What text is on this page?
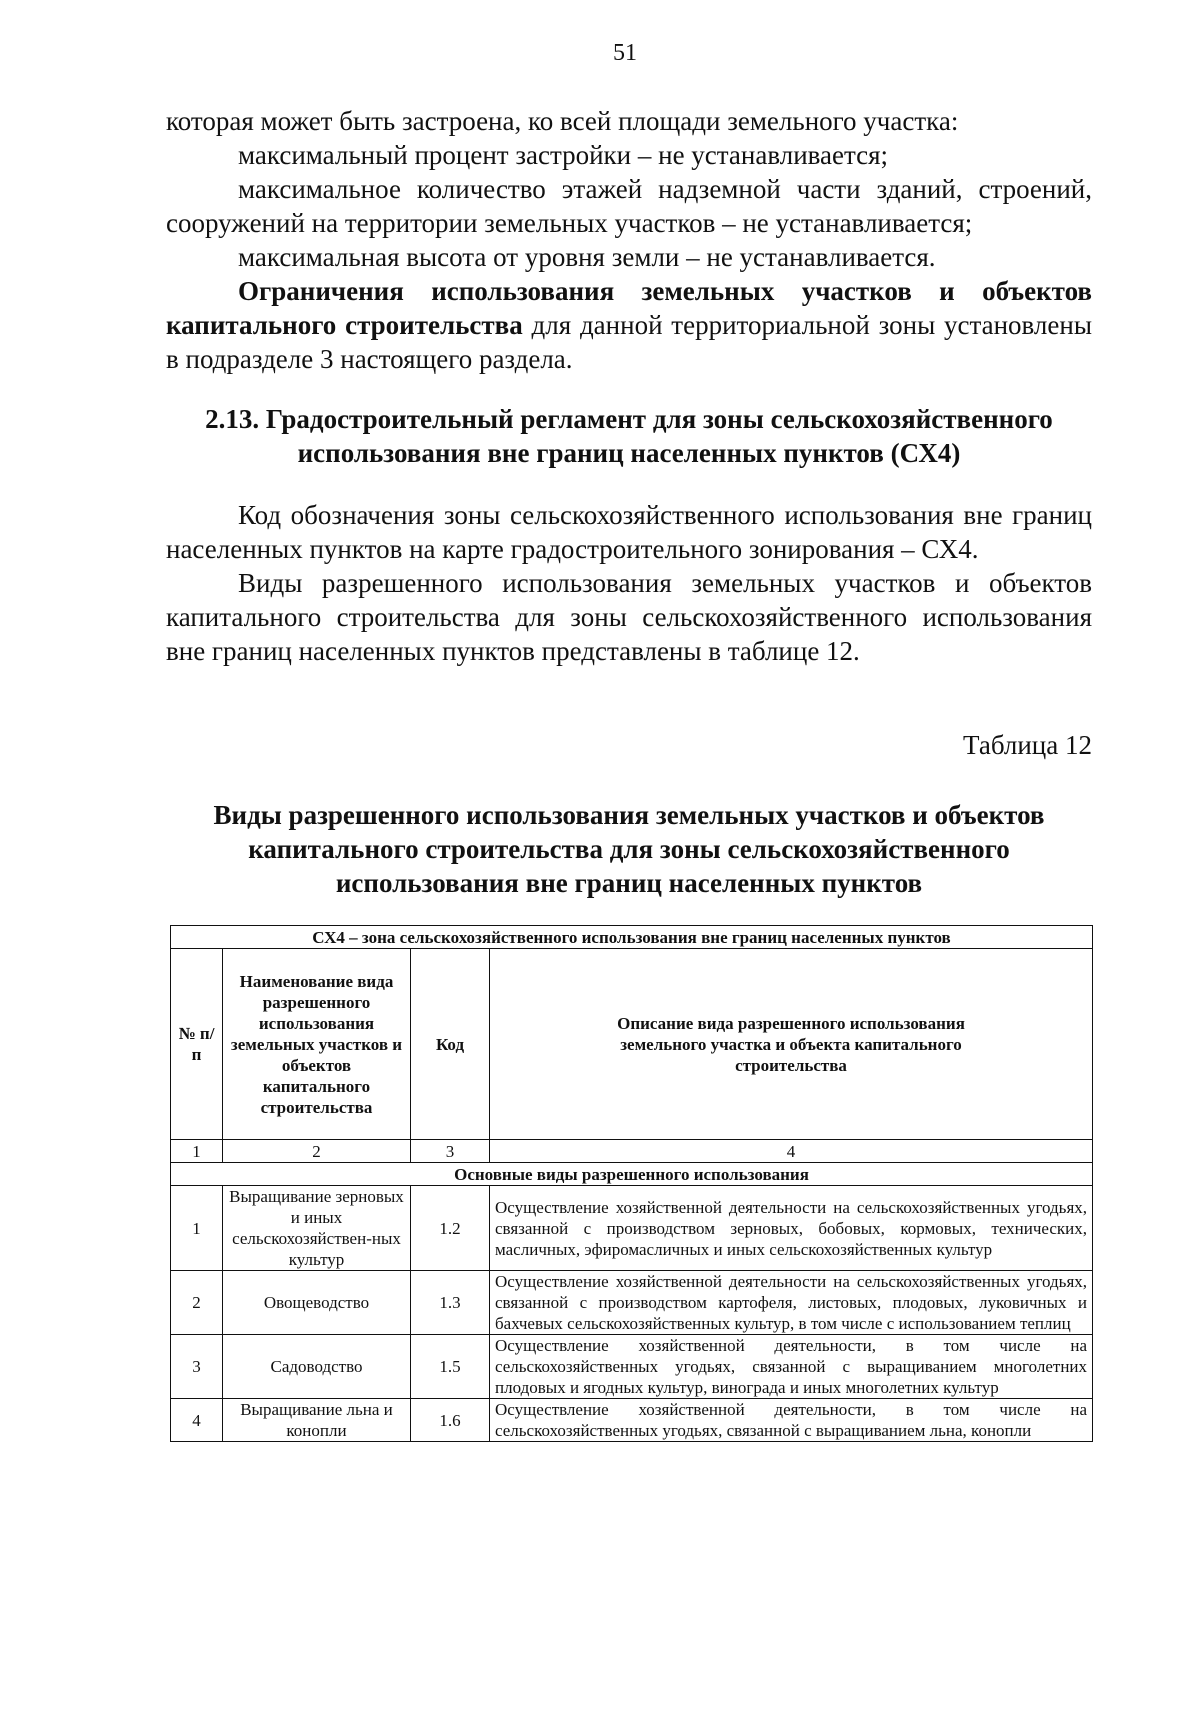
51

которая может быть застроена, ко всей площади земельного участка:

максимальный процент застройки – не устанавливается;

максимальное количество этажей надземной части зданий, строений, сооружений на территории земельных участков – не устанавливается;

максимальная высота от уровня земли – не устанавливается.

Ограничения использования земельных участков и объектов капитального строительства для данной территориальной зоны установлены в подразделе 3 настоящего раздела.

2.13. Градостроительный регламент для зоны сельскохозяйственного использования вне границ населенных пунктов (СХ4)

Код обозначения зоны сельскохозяйственного использования вне границ населенных пунктов на карте градостроительного зонирования – СХ4.

Виды разрешенного использования земельных участков и объектов капитального строительства для зоны сельскохозяйственного использования вне границ населенных пунктов представлены в таблице 12.

Таблица 12
Виды разрешенного использования земельных участков и объектов капитального строительства для зоны сельскохозяйственного использования вне границ населенных пунктов
СХ4 – зона сельскохозяйственного использования вне границ населенных пунктов			
№ п/п	Наименование вида разрешенного использования земельных участков и объектов капитального строительства	Код	Описание вида разрешенного использования земельного участка и объекта капитального строительства
1	2	3	4
Основные виды разрешенного использования			
1	Выращивание зерновых и иных сельскохозяйствен-ных культур	1.2	Осуществление хозяйственной деятельности на сельскохозяйственных угодьях, связанной с производством зерновых, бобовых, кормовых, технических, масличных, эфиромасличных и иных сельскохозяйственных культур
2	Овощеводство	1.3	Осуществление хозяйственной деятельности на сельскохозяйственных угодьях, связанной с производством картофеля, листовых, плодовых, луковичных и бахчевых сельскохозяйственных культур, в том числе с использованием теплиц
3	Садоводство	1.5	Осуществление хозяйственной деятельности, в том числе на сельскохозяйственных угодьях, связанной с выращиванием многолетних плодовых и ягодных культур, винограда и иных многолетних культур
4	Выращивание льна и конопли	1.6	Осуществление хозяйственной деятельности, в том числе на сельскохозяйственных угодьях, связанной с выращиванием льна, конопли
